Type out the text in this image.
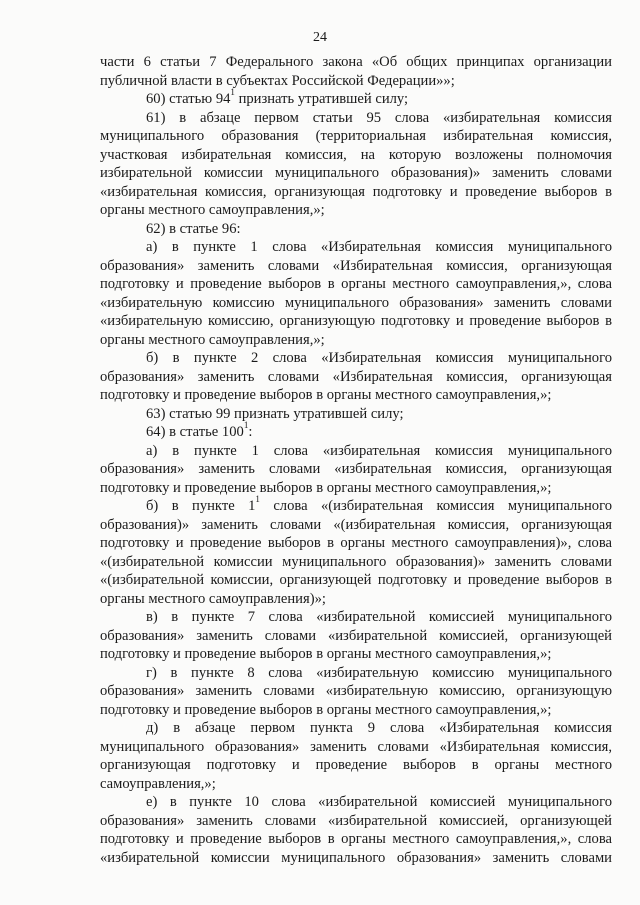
24
части 6 статьи 7 Федерального закона «Об общих принципах организации
публичной власти в субъектах Российской Федерации»»;
60) статью $94^1$ признать утратившей силу;
61) в абзаце первом статьи 95 слова «избирательная комиссия
муниципального образования (территориальная избирательная комиссия,
участковая избирательная комиссия, на которую возложены полномочия
избирательной комиссии муниципального образования)» заменить словами
«избирательная комиссия, организующая подготовку и проведение выборов в
органы местного самоуправления,»;
62) в статье 96:
а) в пункте 1 слова «Избирательная комиссия муниципального
образования» заменить словами «Избирательная комиссия, организующая
подготовку и проведение выборов в органы местного самоуправления,», слова
«избирательную комиссию муниципального образования» заменить словами
«избирательную комиссию, организующую подготовку и проведение выборов в
органы местного самоуправления,»;
б) в пункте 2 слова «Избирательная комиссия муниципального
образования» заменить словами «Избирательная комиссия, организующая
подготовку и проведение выборов в органы местного самоуправления,»;
63) статью 99 признать утратившей силу;
64) в статье $100^1$:
а) в пункте 1 слова «избирательная комиссия муниципального
образования» заменить словами «избирательная комиссия, организующая
подготовку и проведение выборов в органы местного самоуправления,»;
б) в пункте $1^1$ слова «(избирательная комиссия муниципального
образования)» заменить словами «(избирательная комиссия, организующая
подготовку и проведение выборов в органы местного самоуправления)», слова
«(избирательной комиссии муниципального образования)» заменить словами
«(избирательной комиссии, организующей подготовку и проведение выборов в
органы местного самоуправления)»;
в) в пункте 7 слова «избирательной комиссией муниципального
образования» заменить словами «избирательной комиссией, организующей
подготовку и проведение выборов в органы местного самоуправления,»;
г) в пункте 8 слова «избирательную комиссию муниципального
образования» заменить словами «избирательную комиссию, организующую
подготовку и проведение выборов в органы местного самоуправления,»;
д) в абзаце первом пункта 9 слова «Избирательная комиссия
муниципального образования» заменить словами «Избирательная комиссия,
организующая подготовку и проведение выборов в органы местного
самоуправления,»;
е) в пункте 10 слова «избирательной комиссией муниципального
образования» заменить словами «избирательной комиссией, организующей
подготовку и проведение выборов в органы местного самоуправления,», слова
«избирательной комиссии муниципального образования» заменить словами
